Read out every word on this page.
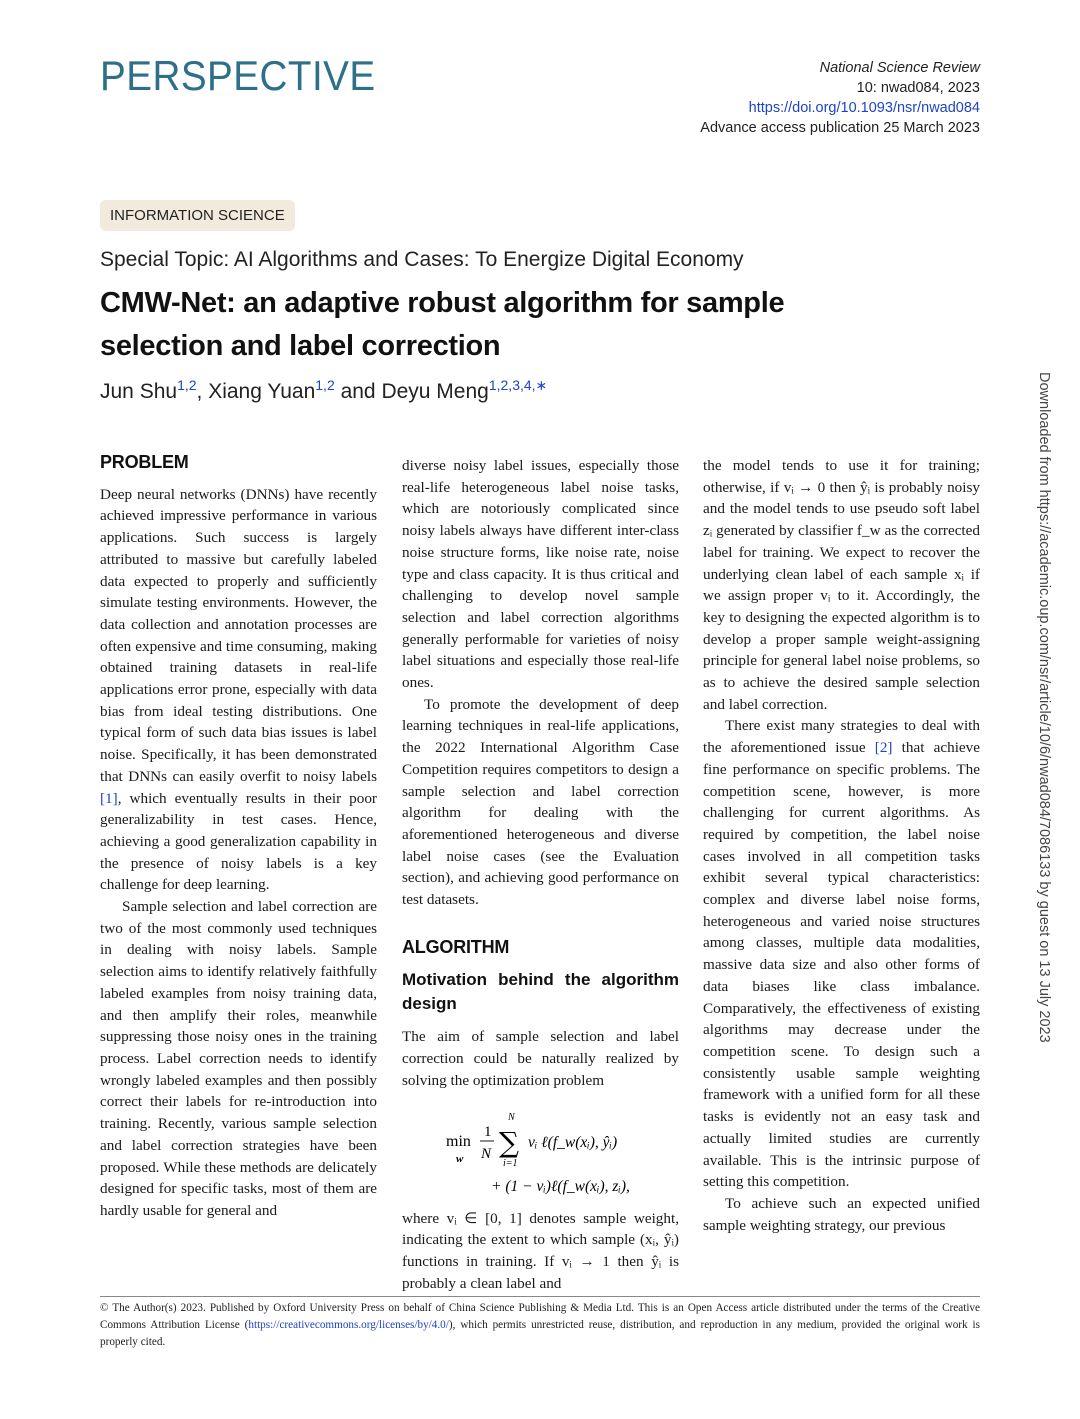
PERSPECTIVE	National Science Review
10: nwad084, 2023
https://doi.org/10.1093/nsr/nwad084
Advance access publication 25 March 2023
INFORMATION SCIENCE
Special Topic: AI Algorithms and Cases: To Energize Digital Economy
CMW-Net: an adaptive robust algorithm for sample selection and label correction
Jun Shu$^{1,2}$, Xiang Yuan$^{1,2}$ and Deyu Meng$^{1,2,3,4,∗}$
PROBLEM

Deep neural networks (DNNs) have recently achieved impressive performance in various applications. Such success is largely attributed to massive but carefully labeled data expected to properly and sufficiently simulate testing environments. However, the data collection and annotation processes are often expensive and time consuming, making obtained training datasets in real-life applications error prone, especially with data bias from ideal testing distributions. One typical form of such data bias issues is label noise. Specifically, it has been demonstrated that DNNs can easily overfit to noisy labels [1], which eventually results in their poor generalizability in test cases. Hence, achieving a good generalization capability in the presence of noisy labels is a key challenge for deep learning.

Sample selection and label correction are two of the most commonly used techniques in dealing with noisy labels. Sample selection aims to identify relatively faithfully labeled examples from noisy training data, and then amplify their roles, meanwhile suppressing those noisy ones in the training process. Label correction needs to identify wrongly labeled examples and then possibly correct their labels for re-introduction into training. Recently, various sample selection and label correction strategies have been proposed. While these methods are delicately designed for specific tasks, most of them are hardly usable for general and

diverse noisy label issues, especially those real-life heterogeneous label noise tasks, which are notoriously complicated since noisy labels always have different inter-class noise structure forms, like noise rate, noise type and class capacity. It is thus critical and challenging to develop novel sample selection and label correction algorithms generally performable for varieties of noisy label situations and especially those real-life ones.

To promote the development of deep learning techniques in real-life applications, the 2022 International Algorithm Case Competition requires competitors to design a sample selection and label correction algorithm for dealing with the aforementioned heterogeneous and diverse label noise cases (see the Evaluation section), and achieving good performance on test datasets.

ALGORITHM
Motivation behind the algorithm design

The aim of sample selection and label correction could be naturally realized by solving the optimization problem

min
w
1
N
N
∑
i=1
vᵢ ℓ(f_w(xᵢ), ŷᵢ)
+ (1 − vᵢ)ℓ(f_w(xᵢ), zᵢ),

where vᵢ ∈ [0, 1] denotes sample weight, indicating the extent to which sample (xᵢ, ŷᵢ) functions in training. If vᵢ → 1 then ŷᵢ is probably a clean label and

the model tends to use it for training; otherwise, if vᵢ → 0 then ŷᵢ is probably noisy and the model tends to use pseudo soft label zᵢ generated by classifier f_w as the corrected label for training. We expect to recover the underlying clean label of each sample xᵢ if we assign proper vᵢ to it. Accordingly, the key to designing the expected algorithm is to develop a proper sample weight-assigning principle for general label noise problems, so as to achieve the desired sample selection and label correction.

There exist many strategies to deal with the aforementioned issue [2] that achieve fine performance on specific problems. The competition scene, however, is more challenging for current algorithms. As required by competition, the label noise cases involved in all competition tasks exhibit several typical characteristics: complex and diverse label noise forms, heterogeneous and varied noise structures among classes, multiple data modalities, massive data size and also other forms of data biases like class imbalance. Comparatively, the effectiveness of existing algorithms may decrease under the competition scene. To design such a consistently usable sample weighting framework with a unified form for all these tasks is evidently not an easy task and actually limited studies are currently available. This is the intrinsic purpose of setting this competition.

To achieve such an expected unified sample weighting strategy, our previous

Downloaded from https://academic.oup.com/nsr/article/10/6/nwad084/7086133 by guest on 13 July 2023
© The Author(s) 2023. Published by Oxford University Press on behalf of China Science Publishing & Media Ltd. This is an Open Access article distributed under the terms of the Creative Commons Attribution License (https://creativecommons.org/licenses/by/4.0/), which permits unrestricted reuse, distribution, and reproduction in any medium, provided the original work is properly cited.
